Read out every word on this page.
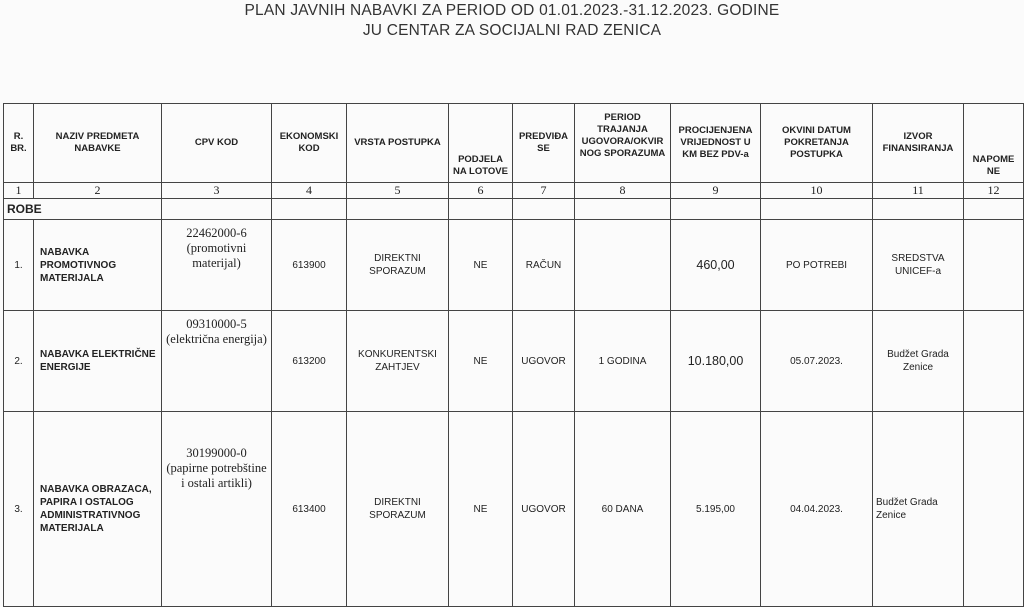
PLAN JAVNIH NABAVKI ZA PERIOD OD 01.01.2023.-31.12.2023. GODINE
JU CENTAR ZA SOCIJALNI RAD ZENICA
R. BR.	NAZIV PREDMETA NABAVKE	CPV KOD	EKONOMSKI KOD	VRSTA POSTUPKA	PODJELA NA LOTOVE	PREDVIĐA SE	PERIOD TRAJANJA UGOVORA/OKVIR NOG SPORAZUMA	PROCIJENJENA VRIJEDNOST U KM BEZ PDV-a	OKVINI DATUM POKRETANJA POSTUPKA	IZVOR FINANSIRANJA	NAPOME NE
1	2	3	4	5	6	7	8	9	10	11	12
ROBE											
1.	NABAVKA PROMOTIVNOG MATERIJALA	22462000-6 (promotivni materijal)	613900	DIREKTNI SPORAZUM	NE	RAČUN		460,00	PO POTREBI	SREDSTVA UNICEF-a	
2.	NABAVKA ELEKTRIČNE ENERGIJE	09310000-5 (električna energija)	613200	KONKURENTSKI ZAHTJEV	NE	UGOVOR	1 GODINA	10.180,00	05.07.2023.	Budžet Grada Zenice	
3.	NABAVKA OBRAZACA, PAPIRA I OSTALOG ADMINISTRATIVNOG MATERIJALA	30199000-0 (papirne potrebštine i ostali artikli)	613400	DIREKTNI SPORAZUM	NE	UGOVOR	60 DANA	5.195,00	04.04.2023.	Budžet Grada Zenice	
